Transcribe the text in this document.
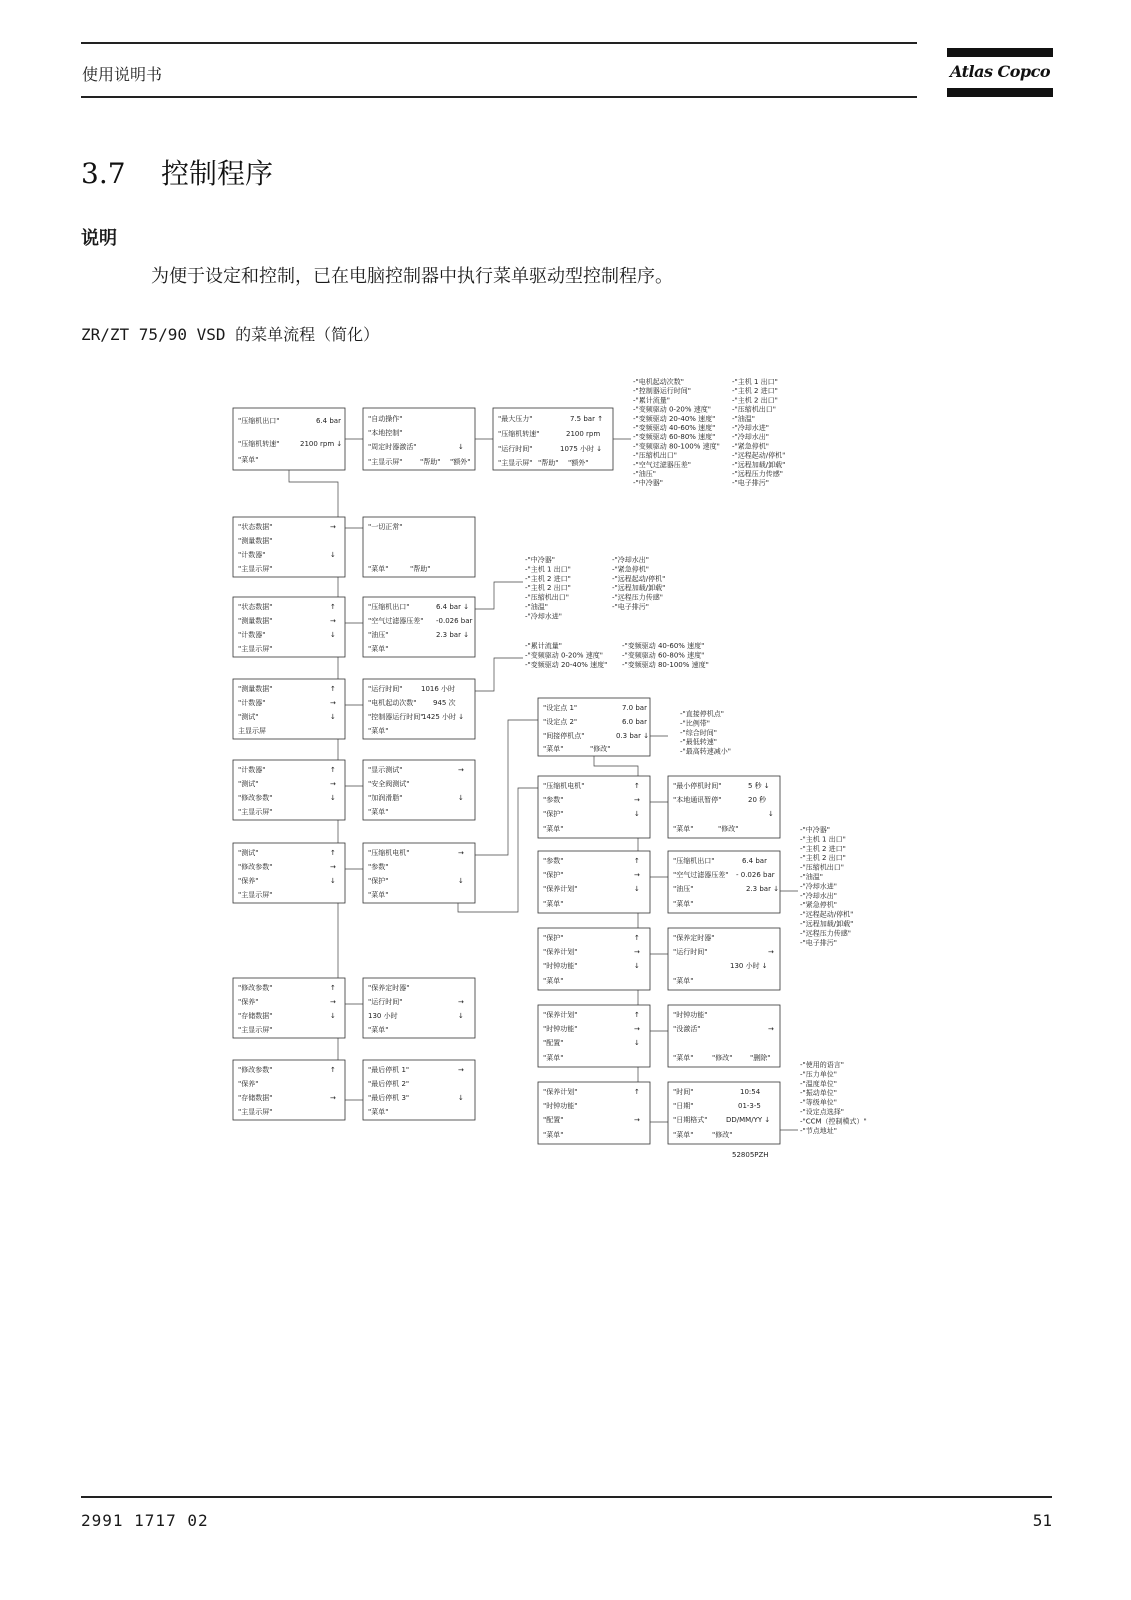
使用说明书	Atlas Copco
3.7 控制程序
说明
为便于设定和控制，已在电脑控制器中执行菜单驱动型控制程序。
ZR/ZT 75/90 VSD 的菜单流程（简化）
"压缩机出口"	6.4 bar
"压缩机转速"	2100 rpm ↓
"菜单"
"自动操作"
"本地控制"
"周定时器激活"	↓
"主显示屏"	"帮助" "额外"
"最大压力"	7.5 bar ↑
"压缩机转速"	2100 rpm
"运行时间"	1075 小时 ↓
"主显示屏" "帮助" "额外"
-"电机起动次数"
-"控制器运行时间"
-"累计流量"
-"变频驱动 0-20% 速度"
-"变频驱动 20-40% 速度"
-"变频驱动 40-60% 速度"
-"变频驱动 60-80% 速度"
-"变频驱动 80-100% 速度"
-"压缩机出口"
-"空气过滤器压差"
-"油压"
-"中冷器"
-"主机 1 出口"
-"主机 2 进口"
-"主机 2 出口"
-"压缩机出口"
-"油温"
-"冷却水进"
-"冷却水出"
-"紧急停机"
-"远程起动/停机"
-"远程加载/卸载"
-"远程压力传感"
-"电子排污"
"状态数据"	→
"测量数据"
"计数器"	↓
"主显示屏"
"一切正常"
"菜单"	"帮助"
"状态数据"	↑
"测量数据"	→
"计数器"	↓
"主显示屏"
"压缩机出口"	6.4 bar ↓
"空气过滤器压差" -0.026 bar
"油压"	2.3 bar ↓
"菜单"
-"中冷器"
-"主机 1 出口"
-"主机 2 进口"
-"主机 2 出口"
-"压缩机出口"
-"油温"
-"冷却水进"
-"冷却水出"
-"紧急停机"
-"远程起动/停机"
-"远程加载/卸载"
-"远程压力传感"
-"电子排污"
"测量数据"	↑
"计数器"	→
"测试"	↓
主显示屏
"运行时间"	1016 小时
"电机起动次数" 945 次
"控制器运行时间"
1425 小时 ↓
"菜单"
-"累计流量"
-"变频驱动 0-20% 速度"
-"变频驱动 20-40% 速度"
-"变频驱动 40-60% 速度"
-"变频驱动 60-80% 速度"
-"变频驱动 80-100% 速度"
"计数器"	↑
"测试"	→
"修改参数"	↓
"主显示屏"
"显示测试"	→
"安全阀测试"
"加润滑脂"	↓
"菜单"
"测试"	↑
"修改参数"	→
"保养"	↓
"主显示屏"
"压缩机电机"	→
"参数"
"保护"	↓
"菜单"
"设定点 1"	7.0 bar
"设定点 2"	6.0 bar
"间接停机点"	0.3 bar ↓
"菜单"	"修改"
-"直接停机点"
-"比例带"
-"综合时间"
-"最低转速"
-"最高转速减小"
"压缩机电机"	↑
"参数"	→
"保护"	↓
"菜单"
"最小停机时间"	5 秒 ↓
"本地通讯暂停"	20 秒
↓
"菜单"	"修改"
"参数"	↑
"保护"	→
"保养计划"	↓
"菜单"
"压缩机出口"	6.4 bar
"空气过滤器压差" - 0.026 bar
"油压"	2.3 bar ↓
"菜单"
-"中冷器"
-"主机 1 出口"
-"主机 2 进口"
-"主机 2 出口"
-"压缩机出口"
-"油温"
-"冷却水进"
-"冷却水出"
-"紧急停机"
-"远程起动/停机"
-"远程加载/卸载"
-"远程压力传感"
-"电子排污"
"保护"	↑
"保养计划"	→
"时钟功能"	↓
"菜单"
"保养定时器"
"运行时间"	→
130 小时 ↓
"菜单"
"保养计划"	↑
"时钟功能"	→
"配置"	↓
"菜单"
"时钟功能"
"没激活"	→
"菜单"	"修改"	"删除"
"保养计划"	↑
"时钟功能"
"配置"	→
"菜单"
"时间"	10:54
"日期"	01-3-5
"日期格式"	DD/MM/YY ↓
"菜单"	"修改"
-"使用的语言"
-"压力单位"
-"温度单位"
-"振动单位"
-"等级单位"
-"设定点选择"
-"CCM（控制模式）"
-"节点地址"
52805PZH
"修改参数"	↑
"保养"	→
"存储数据"	↓
"主显示屏"
"保养定时器"
"运行时间"	→
130 小时	↓
"菜单"
"修改参数"	↑
"保养"
"存储数据"	→
"主显示屏"
"最后停机 1"	→
"最后停机 2"
"最后停机 3"	↓
"菜单"
2991 1717 02	51
